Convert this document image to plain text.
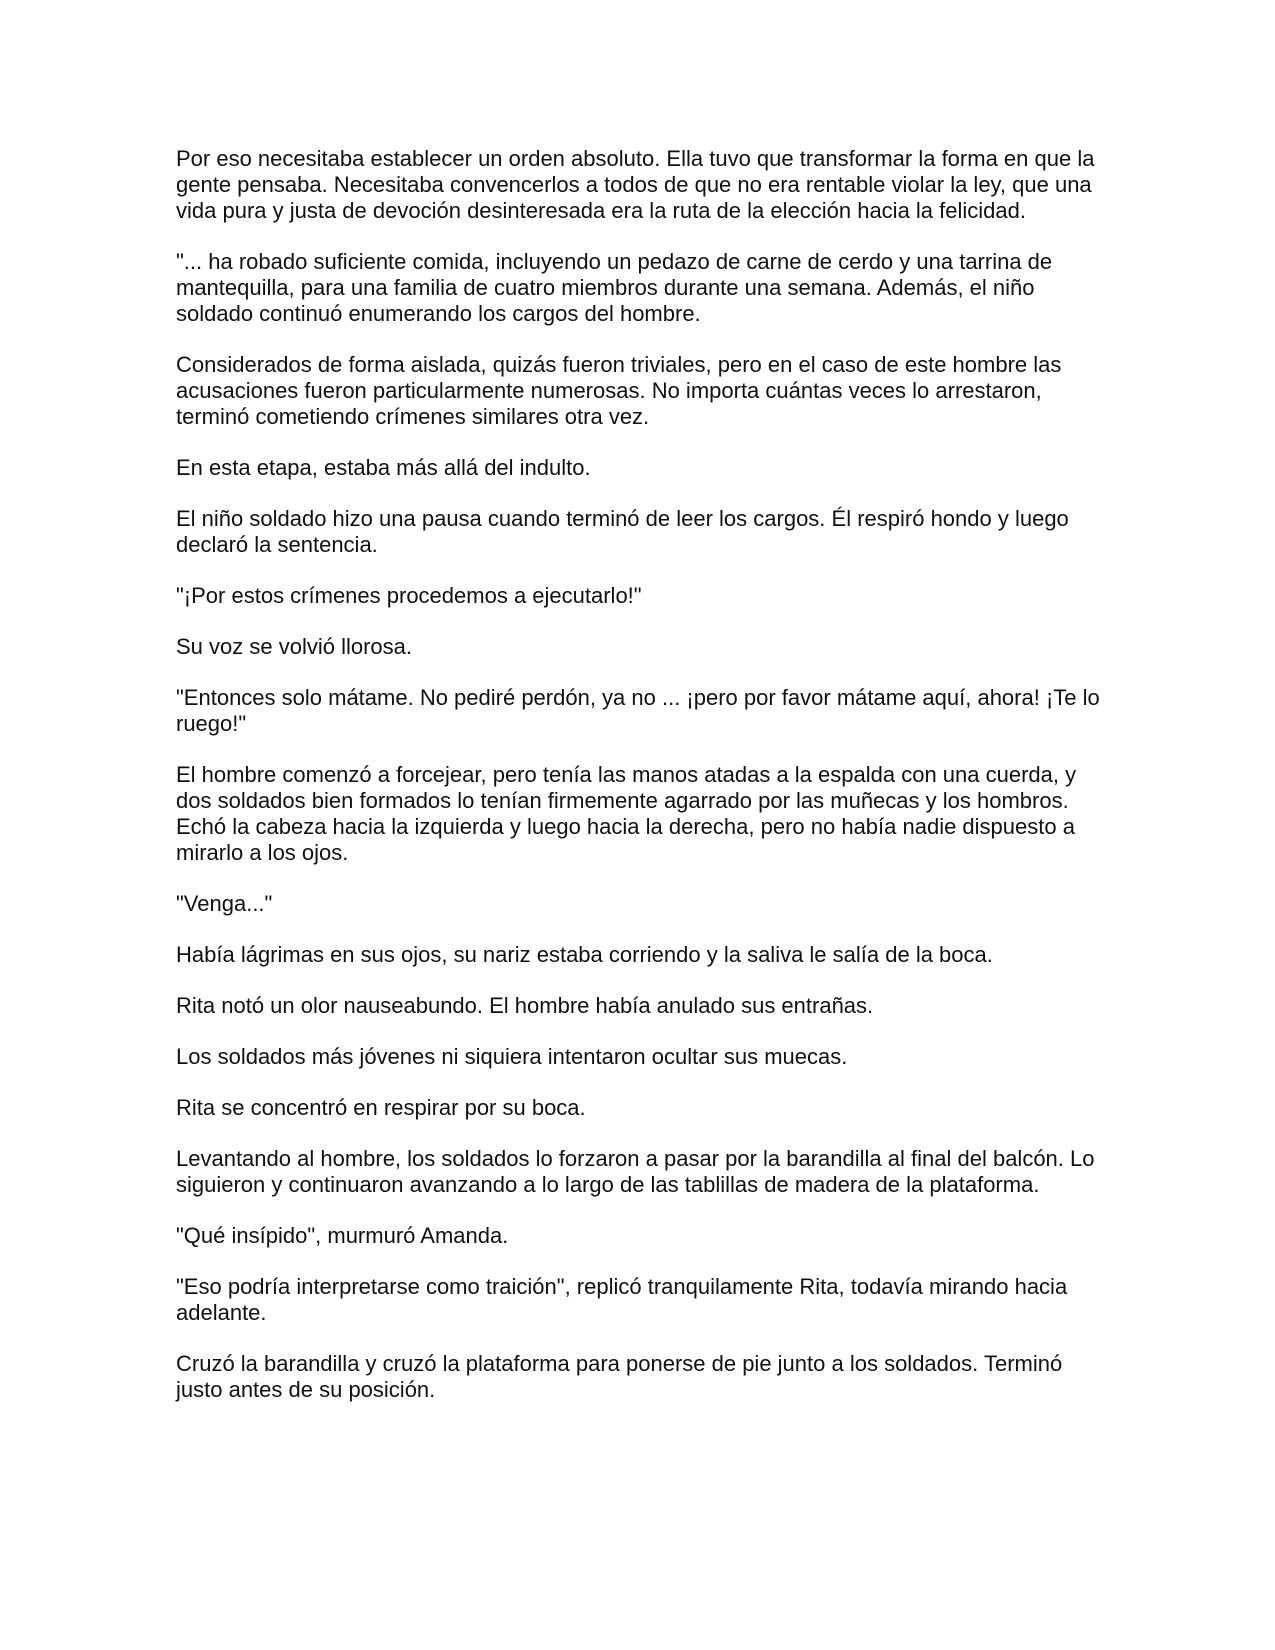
Por eso necesitaba establecer un orden absoluto. Ella tuvo que transformar la forma en que la gente pensaba. Necesitaba convencerlos a todos de que no era rentable violar la ley, que una vida pura y justa de devoción desinteresada era la ruta de la elección hacia la felicidad.

"... ha robado suficiente comida, incluyendo un pedazo de carne de cerdo y una tarrina de mantequilla, para una familia de cuatro miembros durante una semana. Además, el niño soldado continuó enumerando los cargos del hombre.

Considerados de forma aislada, quizás fueron triviales, pero en el caso de este hombre las acusaciones fueron particularmente numerosas. No importa cuántas veces lo arrestaron, terminó cometiendo crímenes similares otra vez.

En esta etapa, estaba más allá del indulto.

El niño soldado hizo una pausa cuando terminó de leer los cargos. Él respiró hondo y luego declaró la sentencia.

"¡Por estos crímenes procedemos a ejecutarlo!"

Su voz se volvió llorosa.

"Entonces solo mátame. No pediré perdón, ya no ... ¡pero por favor mátame aquí, ahora! ¡Te lo ruego!"

El hombre comenzó a forcejear, pero tenía las manos atadas a la espalda con una cuerda, y dos soldados bien formados lo tenían firmemente agarrado por las muñecas y los hombros. Echó la cabeza hacia la izquierda y luego hacia la derecha, pero no había nadie dispuesto a mirarlo a los ojos.

"Venga..."

Había lágrimas en sus ojos, su nariz estaba corriendo y la saliva le salía de la boca.

Rita notó un olor nauseabundo. El hombre había anulado sus entrañas.

Los soldados más jóvenes ni siquiera intentaron ocultar sus muecas.

Rita se concentró en respirar por su boca.

Levantando al hombre, los soldados lo forzaron a pasar por la barandilla al final del balcón. Lo siguieron y continuaron avanzando a lo largo de las tablillas de madera de la plataforma.

"Qué insípido", murmuró Amanda.

"Eso podría interpretarse como traición", replicó tranquilamente Rita, todavía mirando hacia adelante.

Cruzó la barandilla y cruzó la plataforma para ponerse de pie junto a los soldados. Terminó justo antes de su posición.
